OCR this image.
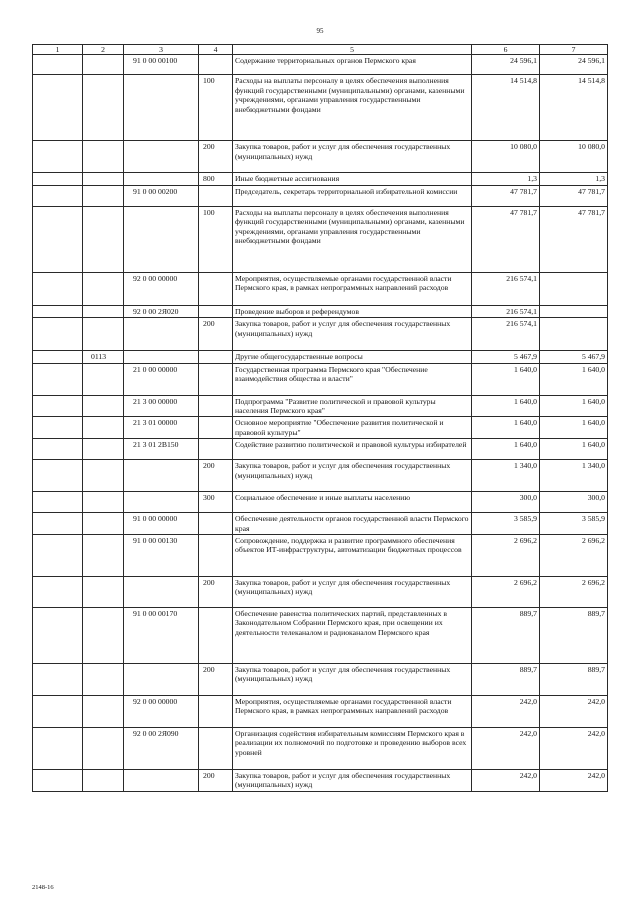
95
1	2	3	4	5	6	7
		91 0 00 00100		Содержание территориальных органов Пермского края	24 596,1	24 596,1
			100	Расходы на выплаты персоналу в целях обеспечения выполнения функций государственными (муниципальными) органами, казенными учреждениями, органами управления государственными внебюджетными фондами	14 514,8	14 514,8
			200	Закупка товаров, работ и услуг для обеспечения государственных (муниципальных) нужд	10 080,0	10 080,0
			800	Иные бюджетные ассигнования	1,3	1,3
		91 0 00 00200		Председатель, секретарь территориальной избирательной комиссии	47 781,7	47 781,7
			100	Расходы на выплаты персоналу в целях обеспечения выполнения функций государственными (муниципальными) органами, казенными учреждениями, органами управления государственными внебюджетными фондами	47 781,7	47 781,7
		92 0 00 00000		Мероприятия, осуществляемые органами государственной власти Пермского края, в рамках непрограммных направлений расходов	216 574,1	
		92 0 00 2Я020		Проведение выборов и референдумов	216 574,1	
			200	Закупка товаров, работ и услуг для обеспечения государственных (муниципальных) нужд	216 574,1	
	0113			Другие общегосударственные вопросы	5 467,9	5 467,9
		21 0 00 00000		Государственная программа Пермского края "Обеспечение взаимодействия общества и власти"	1 640,0	1 640,0
		21 3 00 00000		Подпрограмма "Развитие политической и правовой культуры населения Пермского края"	1 640,0	1 640,0
		21 3 01 00000		Основное мероприятие "Обеспечение развития политической и правовой культуры"	1 640,0	1 640,0
		21 3 01 2В150		Содействие развитию политической и правовой культуры избирателей	1 640,0	1 640,0
			200	Закупка товаров, работ и услуг для обеспечения государственных (муниципальных) нужд	1 340,0	1 340,0
			300	Социальное обеспечение и иные выплаты населению	300,0	300,0
		91 0 00 00000		Обеспечение деятельности органов государственной власти Пермского края	3 585,9	3 585,9
		91 0 00 00130		Сопровождение, поддержка и развитие программного обеспечения объектов ИТ-инфраструктуры, автоматизации бюджетных процессов	2 696,2	2 696,2
			200	Закупка товаров, работ и услуг для обеспечения государственных (муниципальных) нужд	2 696,2	2 696,2
		91 0 00 00170		Обеспечение равенства политических партий, представленных в Законодательном Собрании Пермского края, при освещении их деятельности телеканалом и радиоканалом Пермского края	889,7	889,7
			200	Закупка товаров, работ и услуг для обеспечения государственных (муниципальных) нужд	889,7	889,7
		92 0 00 00000		Мероприятия, осуществляемые органами государственной власти Пермского края, в рамках непрограммных направлений расходов	242,0	242,0
		92 0 00 2Я090		Организация содействия избирательным комиссиям Пермского края в реализации их полномочий по подготовке и проведению выборов всех уровней	242,0	242,0
			200	Закупка товаров, работ и услуг для обеспечения государственных (муниципальных) нужд	242,0	242,0
2148-16
